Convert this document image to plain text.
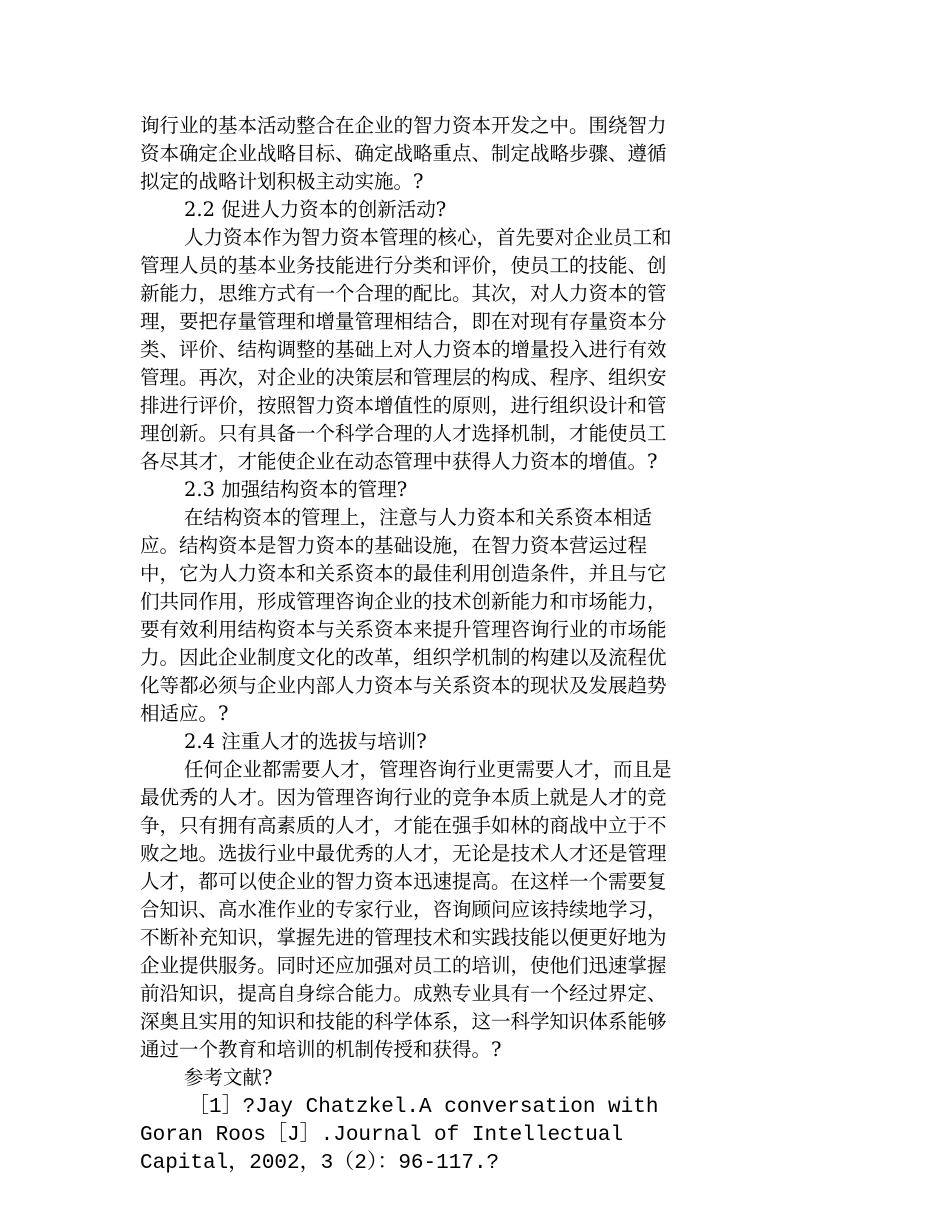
询行业的基本活动整合在企业的智力资本开发之中。围绕智力
资本确定企业战略目标、确定战略重点、制定战略步骤、遵循
拟定的战略计划积极主动实施。?
2.2 促进人力资本的创新活动?
人力资本作为智力资本管理的核心，首先要对企业员工和
管理人员的基本业务技能进行分类和评价，使员工的技能、创
新能力，思维方式有一个合理的配比。其次，对人力资本的管
理，要把存量管理和增量管理相结合，即在对现有存量资本分
类、评价、结构调整的基础上对人力资本的增量投入进行有效
管理。再次，对企业的决策层和管理层的构成、程序、组织安
排进行评价，按照智力资本增值性的原则，进行组织设计和管
理创新。只有具备一个科学合理的人才选择机制，才能使员工
各尽其才，才能使企业在动态管理中获得人力资本的增值。?
2.3 加强结构资本的管理?
在结构资本的管理上，注意与人力资本和关系资本相适
应。结构资本是智力资本的基础设施，在智力资本营运过程
中，它为人力资本和关系资本的最佳利用创造条件，并且与它
们共同作用，形成管理咨询企业的技术创新能力和市场能力，
要有效利用结构资本与关系资本来提升管理咨询行业的市场能
力。因此企业制度文化的改革，组织学机制的构建以及流程优
化等都必须与企业内部人力资本与关系资本的现状及发展趋势
相适应。?
2.4 注重人才的选拔与培训?
任何企业都需要人才，管理咨询行业更需要人才，而且是
最优秀的人才。因为管理咨询行业的竞争本质上就是人才的竞
争，只有拥有高素质的人才，才能在强手如林的商战中立于不
败之地。选拔行业中最优秀的人才，无论是技术人才还是管理
人才，都可以使企业的智力资本迅速提高。在这样一个需要复
合知识、高水准作业的专家行业，咨询顾问应该持续地学习，
不断补充知识，掌握先进的管理技术和实践技能以便更好地为
企业提供服务。同时还应加强对员工的培训，使他们迅速掌握
前沿知识，提高自身综合能力。成熟专业具有一个经过界定、
深奥且实用的知识和技能的科学体系，这一科学知识体系能够
通过一个教育和培训的机制传授和获得。?
参考文献?
［1］?Jay Chatzkel.A conversation with
Goran Roos［J］.Journal of Intellectual
Capital，2002，3（2）：96-117.?
